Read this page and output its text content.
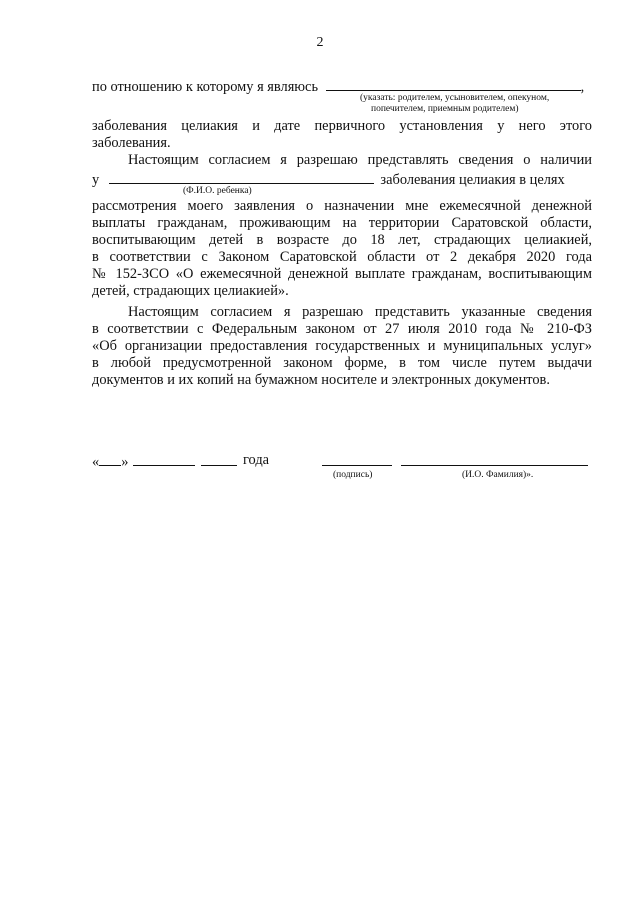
2
по отношению к которому я являюсь	,
(указать: родителем, усыновителем, опекуном,
попечителем, приемным родителем)
заболевания целиакия и дате первичного установления у него этого
заболевания.
Настоящим согласием я разрешаю представлять сведения о наличии
у	заболевания целиакия в целях
(Ф.И.О. ребенка)
рассмотрения моего заявления о назначении мне ежемесячной денежной
выплаты гражданам, проживающим на территории Саратовской области,
воспитывающим детей в возрасте до 18 лет, страдающих целиакией,
в соответствии с Законом Саратовской области от 2 декабря 2020 года
№ 152-ЗСО «О ежемесячной денежной выплате гражданам, воспитывающим
детей, страдающих целиакией».
Настоящим согласием я разрешаю представить указанные сведения
в соответствии с Федеральным законом от 27 июля 2010 года № 210-ФЗ
«Об организации предоставления государственных и муниципальных услуг»
в любой предусмотренной законом форме, в том числе путем выдачи
документов и их копий на бумажном носителе и электронных документов.
« »	года
(подпись)	(И.О. Фамилия)».
